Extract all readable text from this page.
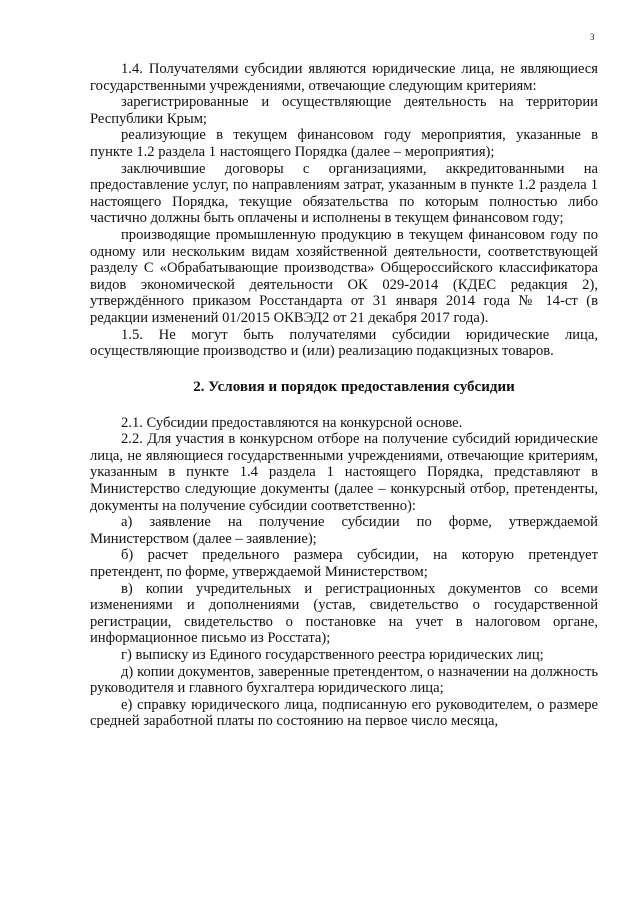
3

1.4. Получателями субсидии являются юридические лица, не являющиеся государственными учреждениями, отвечающие следующим критериям:

зарегистрированные и осуществляющие деятельность на территории Республики Крым;

реализующие в текущем финансовом году мероприятия, указанные в пункте 1.2 раздела 1 настоящего Порядка (далее – мероприятия);

заключившие договоры с организациями, аккредитованными на предоставление услуг, по направлениям затрат, указанным в пункте 1.2 раздела 1 настоящего Порядка, текущие обязательства по которым полностью либо частично должны быть оплачены и исполнены в текущем финансовом году;

производящие промышленную продукцию в текущем финансовом году по одному или нескольким видам хозяйственной деятельности, соответствующей разделу С «Обрабатывающие производства» Общероссийского классификатора видов экономической деятельности ОК 029-2014 (КДЕС редакция 2), утверждённого приказом Росстандарта от 31 января 2014 года № 14-ст (в редакции изменений 01/2015 ОКВЭД2 от 21 декабря 2017 года).

1.5. Не могут быть получателями субсидии юридические лица, осуществляющие производство и (или) реализацию подакцизных товаров.

2. Условия и порядок предоставления субсидии

2.1. Субсидии предоставляются на конкурсной основе.

2.2. Для участия в конкурсном отборе на получение субсидий юридические лица, не являющиеся государственными учреждениями, отвечающие критериям, указанным в пункте 1.4 раздела 1 настоящего Порядка, представляют в Министерство следующие документы (далее – конкурсный отбор, претенденты, документы на получение субсидии соответственно):

а) заявление на получение субсидии по форме, утверждаемой Министерством (далее – заявление);

б) расчет предельного размера субсидии, на которую претендует претендент, по форме, утверждаемой Министерством;

в) копии учредительных и регистрационных документов со всеми изменениями и дополнениями (устав, свидетельство о государственной регистрации, свидетельство о постановке на учет в налоговом органе, информационное письмо из Росстата);

г) выписку из Единого государственного реестра юридических лиц;

д) копии документов, заверенные претендентом, о назначении на должность руководителя и главного бухгалтера юридического лица;

е) справку юридического лица, подписанную его руководителем, о размере средней заработной платы по состоянию на первое число месяца,
